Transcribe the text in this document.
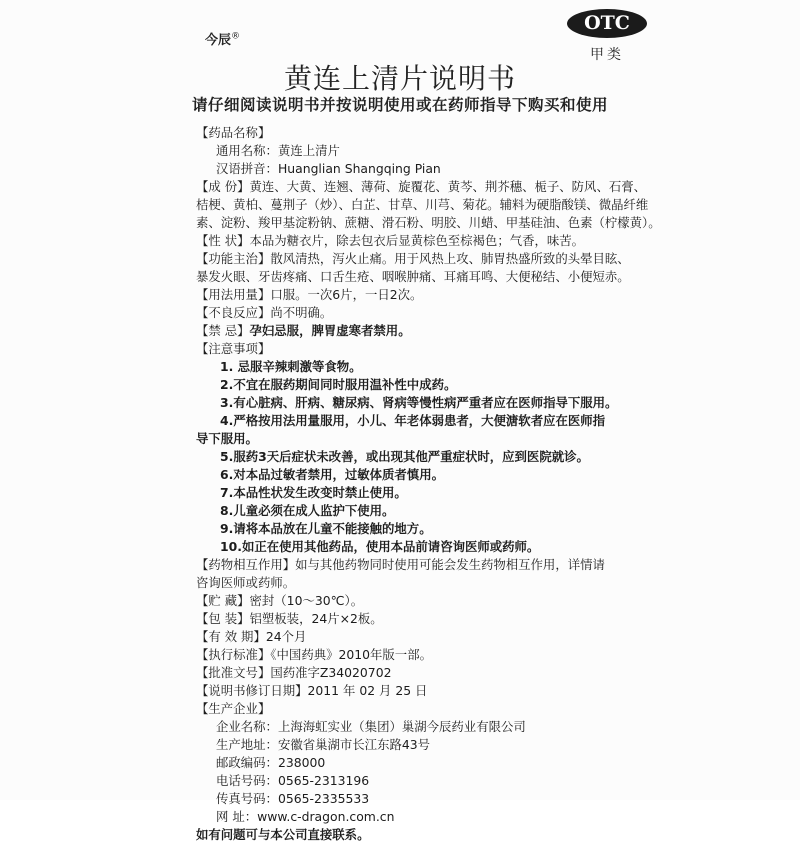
今辰®
OTC
甲类
黄连上清片说明书
请仔细阅读说明书并按说明使用或在药师指导下购买和使用
【药品名称】
通用名称：黄连上清片
汉语拼音：Huanglian Shangqing Pian
【成 份】黄连、大黄、连翘、薄荷、旋覆花、黄芩、荆芥穗、栀子、防风、石膏、
桔梗、黄柏、蔓荆子（炒）、白芷、甘草、川芎、菊花。辅料为硬脂酸镁、微晶纤维
素、淀粉、羧甲基淀粉钠、蔗糖、滑石粉、明胶、川蜡、甲基硅油、色素（柠檬黄）。
【性 状】本品为糖衣片，除去包衣后显黄棕色至棕褐色；气香，味苦。
【功能主治】散风清热，泻火止痛。用于风热上攻、肺胃热盛所致的头晕目眩、
暴发火眼、牙齿疼痛、口舌生疮、咽喉肿痛、耳痛耳鸣、大便秘结、小便短赤。
【用法用量】口服。一次6片，一日2次。
【不良反应】尚不明确。
【禁 忌】孕妇忌服，脾胃虚寒者禁用。
【注意事项】
1. 忌服辛辣刺激等食物。
2.不宜在服药期间同时服用温补性中成药。
3.有心脏病、肝病、糖尿病、肾病等慢性病严重者应在医师指导下服用。
4.严格按用法用量服用，小儿、年老体弱患者，大便溏软者应在医师指
导下服用。
5.服药3天后症状未改善，或出现其他严重症状时，应到医院就诊。
6.对本品过敏者禁用，过敏体质者慎用。
7.本品性状发生改变时禁止使用。
8.儿童必须在成人监护下使用。
9.请将本品放在儿童不能接触的地方。
10.如正在使用其他药品，使用本品前请咨询医师或药师。
【药物相互作用】如与其他药物同时使用可能会发生药物相互作用，详情请
咨询医师或药师。
【贮 藏】密封（10～30℃）。
【包 装】铝塑板装，24片×2板。
【有 效 期】24个月
【执行标准】《中国药典》2010年版一部。
【批准文号】国药准字Z34020702
【说明书修订日期】2011 年 02 月 25 日
【生产企业】
企业名称：上海海虹实业（集团）巢湖今辰药业有限公司
生产地址：安徽省巢湖市长江东路43号
邮政编码：238000
电话号码：0565-2313196
传真号码：0565-2335533
网 址：www.c-dragon.com.cn
如有问题可与本公司直接联系。
